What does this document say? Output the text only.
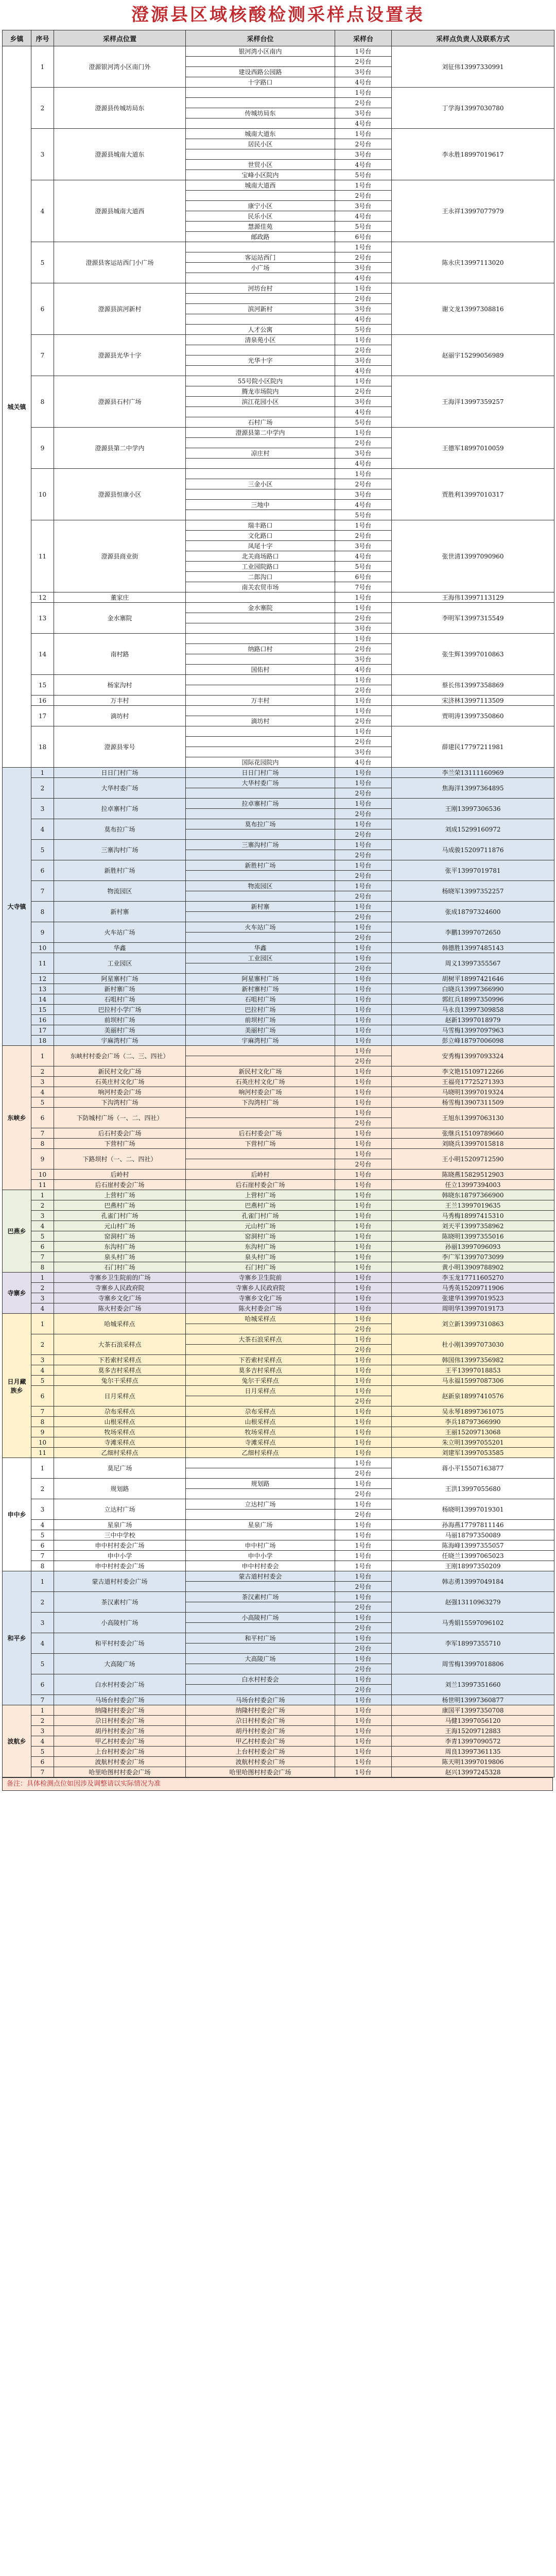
澄源县区域核酸检测采样点设置表
乡镇	序号	采样点位置	采样台位	采样台	采样点负责人及联系方式
城关镇	1	澄源银河湾小区南门外	银河湾小区南内	1号台	刘征伟13997330991
				2号台	
			建设西路公园路	3号台	
			十字路口	4号台	
	2	澄源县传城坊局东		1号台	丁学海13997030780
				2号台	
			传城坊局东	3号台	
				4号台	
	3	澄源县城南大道东	城南大道东	1号台	李永胜18997019617
			居民小区	2号台	
				3号台	
			世贸小区	4号台	
			宝峰小区院内	5号台	
	4	澄源县城南大道西	城南大道西	1号台	王永祥13997077979
				2号台	
			康宁小区	3号台	
			民乐小区	4号台	
			慧源佳苑	5号台	
			邮政路	6号台	
	5	澄源县客运站西门小广场		1号台	陈永庆13997113020
			客运站西门	2号台	
			小广场	3号台	
				4号台	
	6	澄源县滨河新村	河坊台村	1号台	谢文龙13997308816
				2号台	
			滨河新村	3号台	
				4号台	
			人才公寓	5号台	
	7	澄源县光华十字	清泉苑小区	1号台	赵丽宇15299056989
				2号台	
			光华十字	3号台	
				4号台	
	8	澄源县石村广场	55号院小区院内	1号台	王海洋13997359257
			腾龙市场院内	2号台	
			滨江花园小区	3号台	
				4号台	
			石村广场	5号台	
	9	澄源县第二中学内	澄源县第二中学内	1号台	王德军18997010059
				2号台	
			凉庄村	3号台	
				4号台	
	10	澄源县恒康小区		1号台	贾胜利13997010317
			三金小区	2号台	
				3号台	
			三地中	4号台	
				5号台	
	11	澄源县商业街	瑞丰路口	1号台	张世清13997090960
			文化路口	2号台	
			凤尾十字	3号台	
			北关商场路口	4号台	
			工业园院路口	5号台	
			二郎沟口	6号台	
			南关农贸市场	7号台	
	12	董家庄		1号台	王海伟13997113129
	13	金水寨院	金水寨院	1号台	李明军13997315549
				2号台	
				3号台	
	14	南村路		1号台	张生辉13997010863
			纳路口村	2号台	
				3号台	
			国佑村	4号台	
	15	杨家沟村		1号台	蔡长伟13997358869
				2号台	
	16	万丰村	万丰村	1号台	宋济林13997113509
	17	滴坊村		1号台	贾明涛13997350860
			滴坊村	2号台	
	18	澄源县零号		1号台	薛建民17797211981
				2号台	
				3号台	
			国际花园院内	4号台	
大寺镇	1	日日门村广场	日日门村广场	1号台	李兰荣13111160969
	2	大华村委广场	大华村委广场	1号台	焦海洋13997364895
				2号台	
	3	拉卓寨村广场	拉卓寨村广场	1号台	王刚13997306536
				2号台	
	4	莫布拉广场	莫布拉广场	1号台	刘成15299160972
				2号台	
	5	三寨沟村广场	三寨沟村广场	1号台	马成骏15209711876
				2号台	
	6	新胜村广场	新胜村广场	1号台	张平13997019781
				2号台	
	7	物流园区	物流园区	1号台	杨晓军13997352257
				2号台	
	8	新村寨	新村寨	1号台	张成18797324600
				2号台	
	9	火车站广场	火车站广场	1号台	李鹏13997072650
				2号台	
	10	华鑫	华鑫	1号台	韩德胜13997485143
	11	工业园区	工业园区	1号台	周义13997355567
				2号台	
	12	阿星寨村广场	阿星寨村广场	1号台	胡树平18997421646
	13	新村寨广场	新村寨村广场	1号台	白晓兵13997366990
	14	石咀村广场	石咀村广场	1号台	郭红兵18997350996
	15	巴拉村小学广场	巴拉村广场	1号台	马永良13997309858
	16	前坝村广场	前坝村广场	1号台	赵新13997018979
	17	美丽村广场	美丽村广场	1号台	马雪梅13997097963
	18	宇麻湾村广场	宇麻湾村广场	1号台	彭立峰18797006098
东峡乡	1	东峡村村委会广场（二、三、四社）		1号台	安秀梅13997093324
				2号台	
	2	新民村文化广场	新民村文化广场	1号台	李文艳15109712266
	3	石英庄村文化广场	石英庄村文化广场	1号台	王福亮17725271393
	4	响河村委会广场	响河村委会广场	1号台	马晓明13997019324
	5	下沟湾村广场	下沟湾村广场	1号台	杨雪梅13907311509
	6	下防城村广场（一、二、四社）		1号台	王旭东13997063130
				2号台	
	7	后石村委会广场	后石村委会广场	1号台	张继兵15109789660
	8	下营村广场	下营村广场	1号台	刘晓兵13997015818
	9	下路坝村（一、二、四社）		1号台	王小明15209712590
				2号台	
	10	后岭村	后岭村	1号台	陈晓燕15829512903
	11	后石崖村委会广场	后石崖村委会广场	1号台	任立13997394003
巴燕乡	1	上营村广场	上营村广场	1号台	韩晓东18797366900
	2	巴燕村广场	巴燕村广场	1号台	王兰13997019635
	3	孔雀门村广场	孔雀门村广场	1号台	马秀梅18997415310
	4	元山村广场	元山村广场	1号台	刘天平13997358962
	5	窑洞村广场	窑洞村广场	1号台	陈晓明13997355016
	6	东沟村广场	东沟村广场	1号台	孙丽13997096093
	7	泉头村广场	泉头村广场	1号台	李广军13997073099
	8	石门村广场	石门村广场	1号台	黄小明13909788902
寺寨乡	1	寺寨乡卫生院前的广场	寺寨乡卫生院前	1号台	李玉龙17711605270
	2	寺寨乡人民政府院	寺寨乡人民政府院	1号台	马秀英15209711906
	3	寺寨乡文化广场	寺寨乡文化广场	1号台	张建华13997019523
	4	陈火村委会广场	陈火村委会广场	1号台	周明华13997019173
日月藏族乡	1	哈城采样点	哈城采样点	1号台	刘立新13997310863
				2号台	
	2	大茶石浪采样点	大茶石浪采样点	1号台	杜小刚13997073030
				2号台	
	3	下若索村采样点	下若索村采样点	1号台	韩国伟13997356982
	4	莫多吉村采样点	莫多吉村采样点	1号台	王平13997018853
	5	兔尔干采样点	兔尔干采样点	1号台	马永福15997087306
	6	日月采样点	日月采样点	1号台	赵新泉18997410576
				2号台	
	7	尕布采样点	尕布采样点	1号台	吴永琴18997361075
	8	山根采样点	山根采样点	1号台	李兵18797366990
	9	牧场采样点	牧场采样点	1号台	王丽15209713068
	10	寺滩采样点	寺滩采样点	1号台	朱立明13997055201
	11	乙细村采样点	乙细村采样点	1号台	刘建军13997053585
申中乡	1	莫尼广场		1号台	蒋小平15507163877
				2号台	
	2	规划路	规划路	1号台	王洪13997055680
				2号台	
	3	立达村广场	立达村广场	1号台	杨晓明13997019301
				2号台	
	4	星泉广场	星泉广场	1号台	孙海燕17797811146
	5	三中中学校		1号台	马丽18797350089
	6	申中村村委会广场	申中村广场	1号台	陈海峰13997355057
	7	申中小学	申中小学	1号台	任晓兰13997065023
	8	申中村村委会广场	申中村村委会	1号台	王刚18997350209
和平乡	1	蒙古道村村委会广场	蒙古道村村委会	1号台	韩志勇13997049184
				2号台	
	2	茶汉素村广场	茶汉素村广场	1号台	赵强13110963279
				2号台	
	3	小高陵村广场	小高陵村广场	1号台	马秀娟15597096102
				2号台	
	4	和平村村委会广场	和平村广场	1号台	李军18997355710
				2号台	
	5	大高陵广场	大高陵广场	1号台	周雪梅13997018806
				2号台	
	6	白水村村委会广场	白水村村委会	1号台	刘兰13997351660
				2号台	
	7	马场台村委会广场	马场台村委会广场	1号台	杨世明13997360877
波航乡	1	纳隆村村委会广场	纳隆村村委会广场	1号台	康国平13997350708
	2	尕日村村委会广场	尕日村村委会广场	1号台	马健13997056120
	3	胡丹村村委会广场	胡丹村村委会广场	1号台	王海15209712883
	4	甲乙村村委会广场	甲乙村村委会广场	1号台	李青13997090572
	5	上台村村委会广场	上台村村委会广场	1号台	周良13997361135
	6	波航村村委会广场	波航村村委会广场	1号台	陈天明13997019806
	7	哈里哈图村村委会广场	哈里哈图村村委会广场	1号台	赵兴13997245328
备注：具体检测点位如因涉及调整请以实际情况为准
